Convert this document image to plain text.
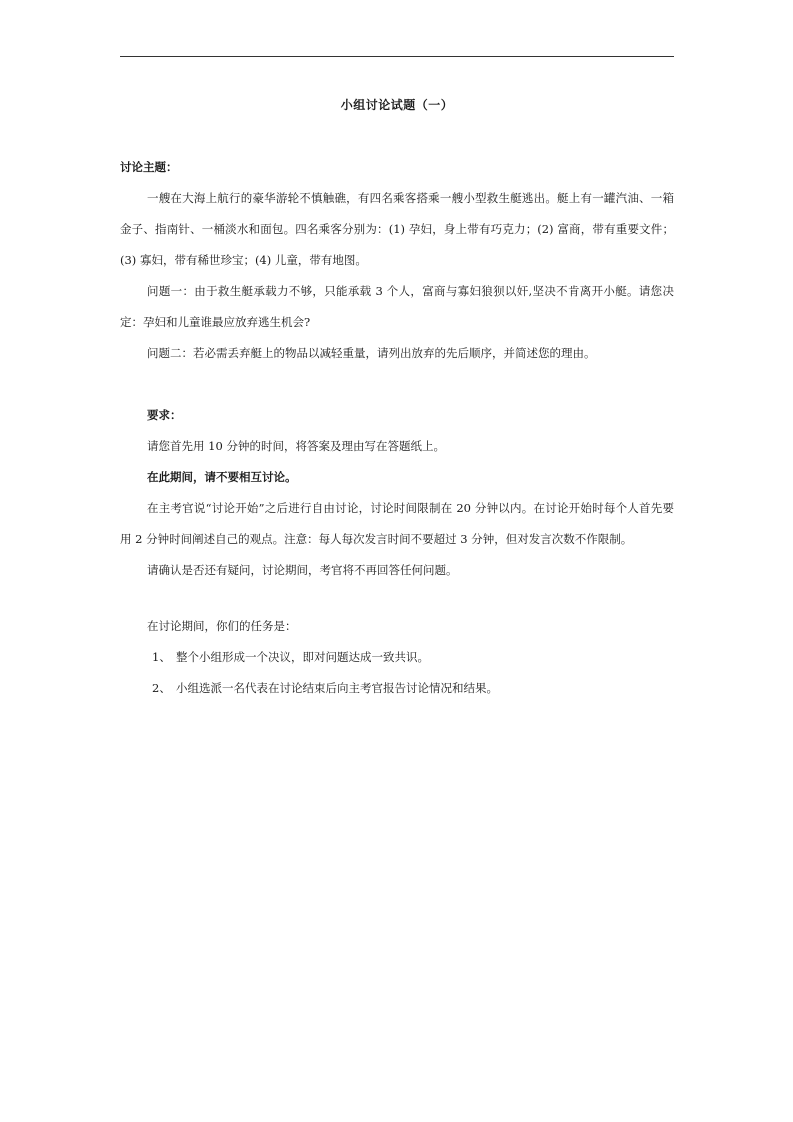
小组讨论试题（一）

讨论主题：

一艘在大海上航行的豪华游轮不慎触礁，有四名乘客搭乘一艘小型救生艇逃出。艇上有一罐汽油、一箱金子、指南针、一桶淡水和面包。四名乘客分别为：(1) 孕妇，身上带有巧克力；(2) 富商，带有重要文件；(3) 寡妇，带有稀世珍宝；(4) 儿童，带有地图。

问题一：由于救生艇承载力不够，只能承载 3 个人，富商与寡妇狼狈以奸,坚决不肯离开小艇。请您决定：孕妇和儿童谁最应放弃逃生机会?

问题二：若必需丢弃艇上的物品以减轻重量，请列出放弃的先后顺序，并简述您的理由。

要求：

请您首先用 10 分钟的时间，将答案及理由写在答题纸上。

在此期间，请不要相互讨论。

在主考官说“讨论开始”之后进行自由讨论，讨论时间限制在 20 分钟以内。在讨论开始时每个人首先要用 2 分钟时间阐述自己的观点。注意：每人每次发言时间不要超过 3 分钟，但对发言次数不作限制。

请确认是否还有疑问，讨论期间，考官将不再回答任何问题。

在讨论期间，你们的任务是：

1、 整个小组形成一个决议，即对问题达成一致共识。
2、 小组选派一名代表在讨论结束后向主考官报告讨论情况和结果。
